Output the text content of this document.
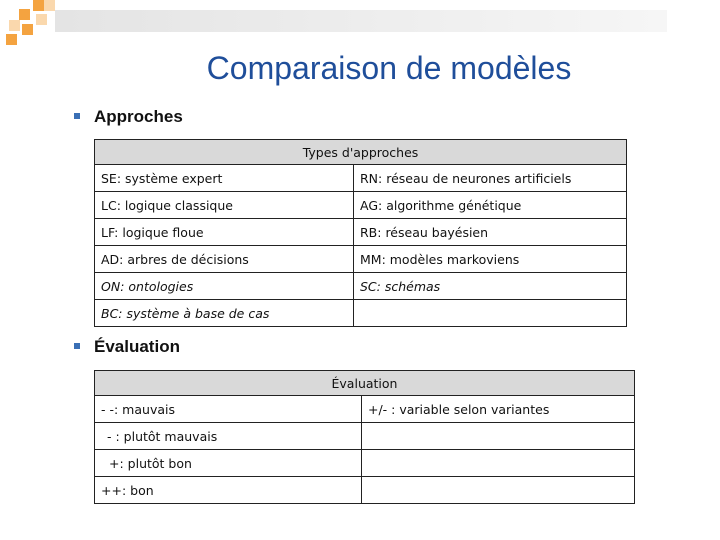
Comparaison de modèles
Approches
Types d'approches	
SE: système expert	RN: réseau de neurones artificiels
LC: logique classique	AG: algorithme génétique
LF: logique floue	RB: réseau bayésien
AD: arbres de décisions	MM: modèles markoviens
ON: ontologies	SC: schémas
BC: système à base de cas	
Évaluation
Évaluation	
- -: mauvais	+/- : variable selon variantes
- : plutôt mauvais	
+: plutôt bon	
++: bon	
